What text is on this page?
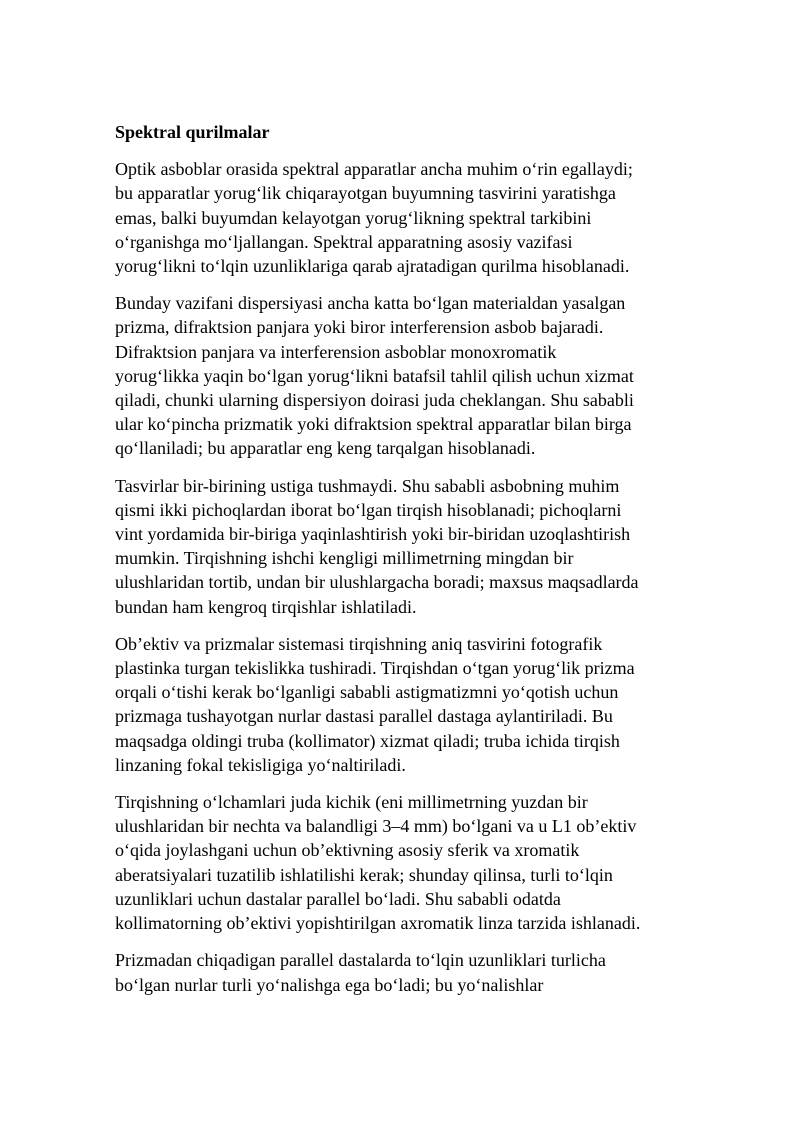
Spektral qurilmalar
Optik asboblar orasida spektral apparatlar ancha muhim oʻrin egallaydi;
bu apparatlar yorugʻlik chiqarayotgan buyumning tasvirini yaratishga
emas, balki buyumdan kelayotgan yorugʻlikning spektral tarkibini
oʻrganishga moʻljallangan. Spektral apparatning asosiy vazifasi
yorugʻlikni toʻlqin uzunliklariga qarab ajratadigan qurilma hisoblanadi.
Bunday vazifani dispersiyasi ancha katta boʻlgan materialdan yasalgan
prizma, difraktsion panjara yoki biror interferension asbob bajaradi.
Difraktsion panjara va interferension asboblar monoxromatik
yorugʻlikka yaqin boʻlgan yorugʻlikni batafsil tahlil qilish uchun xizmat
qiladi, chunki ularning dispersiyon doirasi juda cheklangan. Shu sababli
ular koʻpincha prizmatik yoki difraktsion spektral apparatlar bilan birga
qoʻllaniladi; bu apparatlar eng keng tarqalgan hisoblanadi.
Tasvirlar bir-birining ustiga tushmaydi. Shu sababli asbobning muhim
qismi ikki pichoqlardan iborat boʻlgan tirqish hisoblanadi; pichoqlarni
vint yordamida bir-biriga yaqinlashtirish yoki bir-biridan uzoqlashtirish
mumkin. Tirqishning ishchi kengligi millimetrning mingdan bir
ulushlaridan tortib, undan bir ulushlargacha boradi; maxsus maqsadlarda
bundan ham kengroq tirqishlar ishlatiladi.
Obʼektiv va prizmalar sistemasi tirqishning aniq tasvirini fotografik
plastinka turgan tekislikka tushiradi. Tirqishdan oʻtgan yorugʻlik prizma
orqali oʻtishi kerak boʻlganligi sababli astigmatizmni yoʻqotish uchun
prizmaga tushayotgan nurlar dastasi parallel dastaga aylantiriladi. Bu
maqsadga oldingi truba (kollimator) xizmat qiladi; truba ichida tirqish
linzaning fokal tekisligiga yoʻnaltiriladi.
Tirqishning oʻlchamlari juda kichik (eni millimetrning yuzdan bir
ulushlaridan bir nechta va balandligi 3–4 mm) boʻlgani va u L1 obʼektiv
oʻqida joylashgani uchun obʼektivning asosiy sferik va xromatik
aberatsiyalari tuzatilib ishlatilishi kerak; shunday qilinsa, turli toʻlqin
uzunliklari uchun dastalar parallel boʻladi. Shu sababli odatda
kollimatorning obʼektivi yopishtirilgan axromatik linza tarzida ishlanadi.
Prizmadan chiqadigan parallel dastalarda toʻlqin uzunliklari turlicha
boʻlgan nurlar turli yoʻnalishga ega boʻladi; bu yoʻnalishlar
